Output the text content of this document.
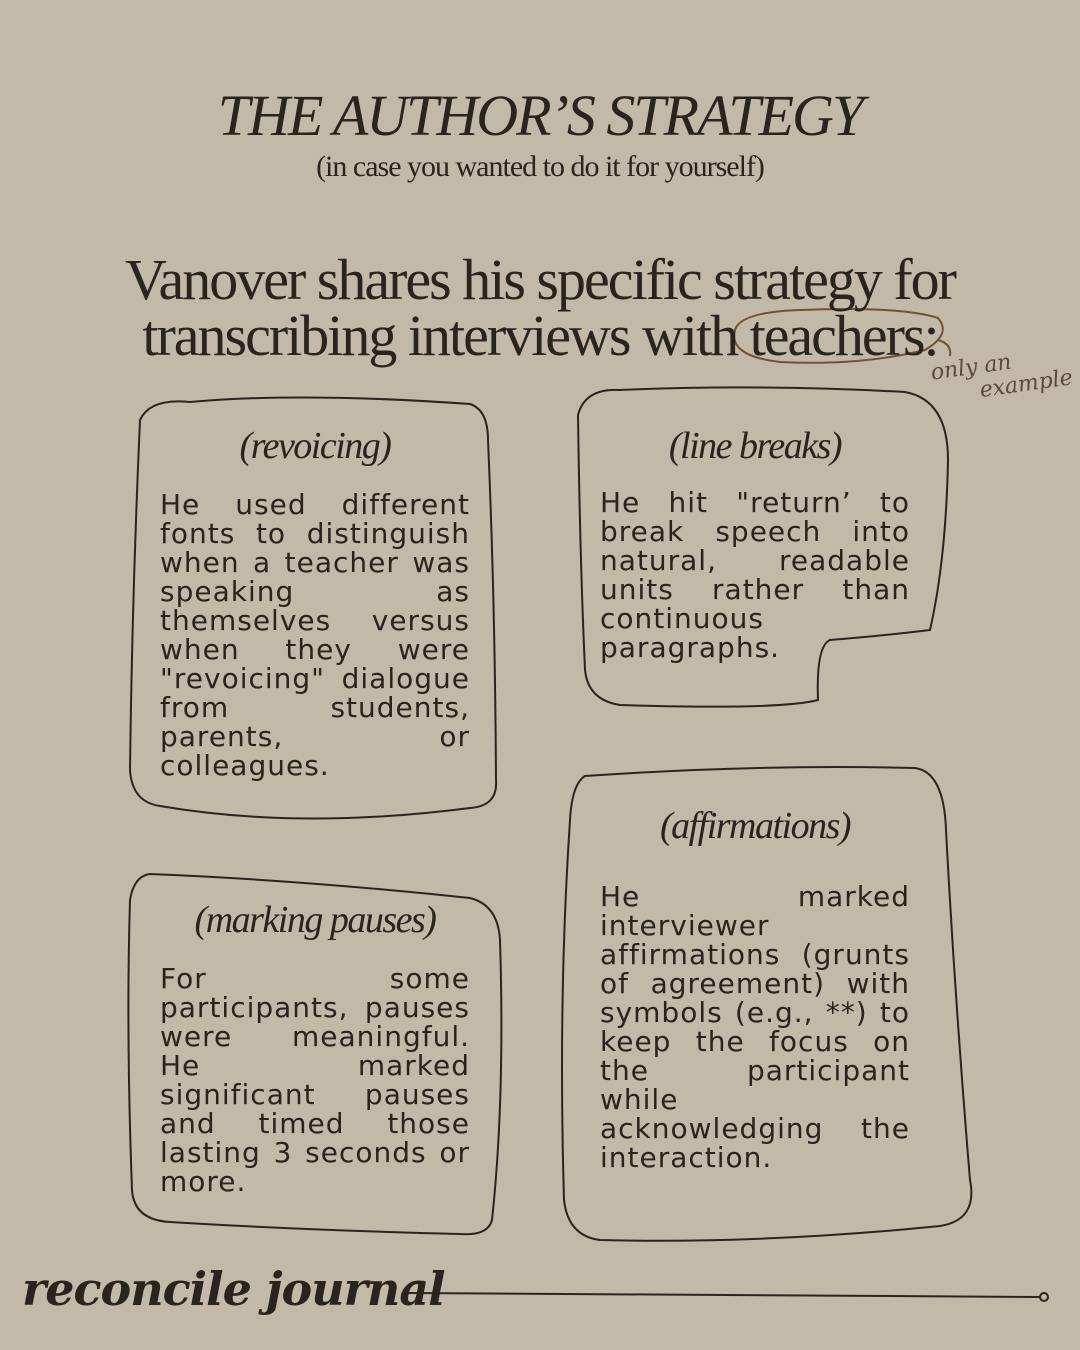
THE AUTHOR’S STRATEGY
(in case you wanted to do it for yourself)
Vanover shares his specific strategy for
transcribing interviews with teachers:
only an
example
(revoicing)
He used different fonts to distinguish when a teacher was speaking as themselves versus when they were "revoicing" dialogue from students, parents, or colleagues.
(line breaks)
He hit "return’ to break speech into natural, readable units rather than continuous paragraphs.
(marking pauses)
For some participants, pauses were meaningful. He marked significant pauses and timed those lasting 3 seconds or more.
(affirmations)
He marked interviewer affirmations (grunts of agreement) with symbols (e.g., **) to keep the focus on the participant while acknowledging the interaction.
reconcile journal
